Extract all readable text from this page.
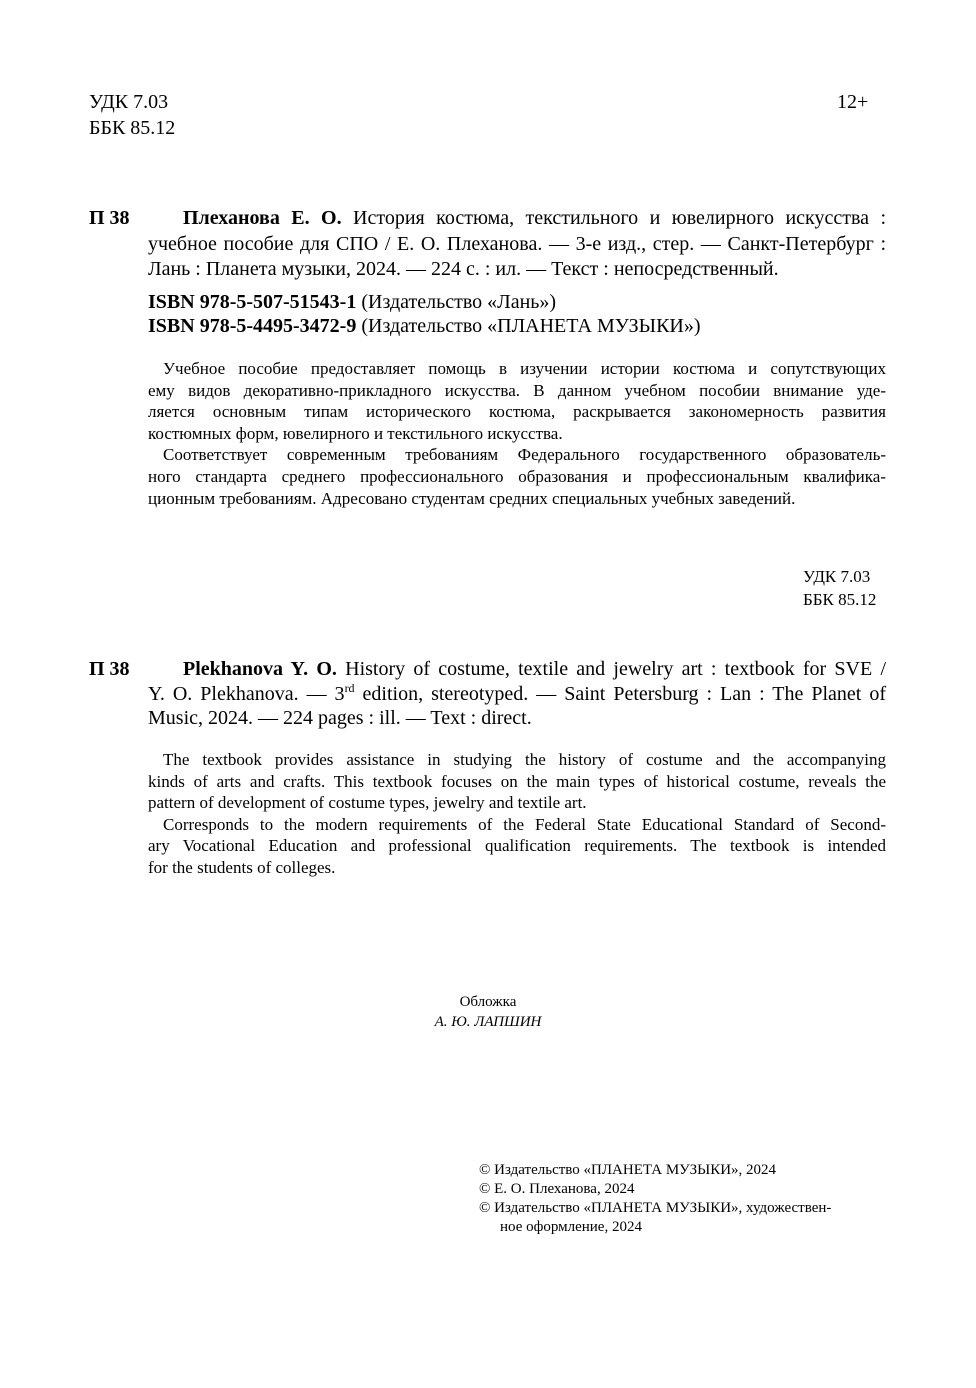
УДК 7.03
ББК 85.12
12+
П 38	Плеханова Е. О. История костюма, текстильного и ювелирного искусства :
учебное пособие для СПО / Е. О. Плеханова. — 3-е изд., стер. — Санкт-Петербург :
Лань : Планета музыки, 2024. — 224 с. : ил. — Текст : непосредственный.
ISBN 978-5-507-51543-1 (Издательство «Лань»)
ISBN 978-5-4495-3472-9 (Издательство «ПЛАНЕТА МУЗЫКИ»)
Учебное пособие предоставляет помощь в изучении истории костюма и сопутствующих
ему видов декоративно-прикладного искусства. В данном учебном пособии внимание уде-
ляется основным типам исторического костюма, раскрывается закономерность развития
костюмных форм, ювелирного и текстильного искусства.
Соответствует современным требованиям Федерального государственного образователь-
ного стандарта среднего профессионального образования и профессиональным квалифика-
ционным требованиям. Адресовано студентам средних специальных учебных заведений.
УДК 7.03
ББК 85.12
П 38	Plekhanova Y. O. History of costume, textile and jewelry art : textbook for SVE /
Y. O. Plekhanova. — 3rd edition, stereotyped. — Saint Petersburg : Lan : The Planet of
Music, 2024. — 224 pages : ill. — Text : direct.
The textbook provides assistance in studying the history of costume and the accompanying
kinds of arts and crafts. This textbook focuses on the main types of historical costume, reveals the
pattern of development of costume types, jewelry and textile art.
Corresponds to the modern requirements of the Federal State Educational Standard of Second-
ary Vocational Education and professional qualification requirements. The textbook is intended
for the students of colleges.
Обложка
А. Ю. ЛАПШИН
© Издательство «ПЛАНЕТА МУЗЫКИ», 2024
© Е. О. Плеханова, 2024
© Издательство «ПЛАНЕТА МУЗЫКИ», художествен-
ное оформление, 2024
